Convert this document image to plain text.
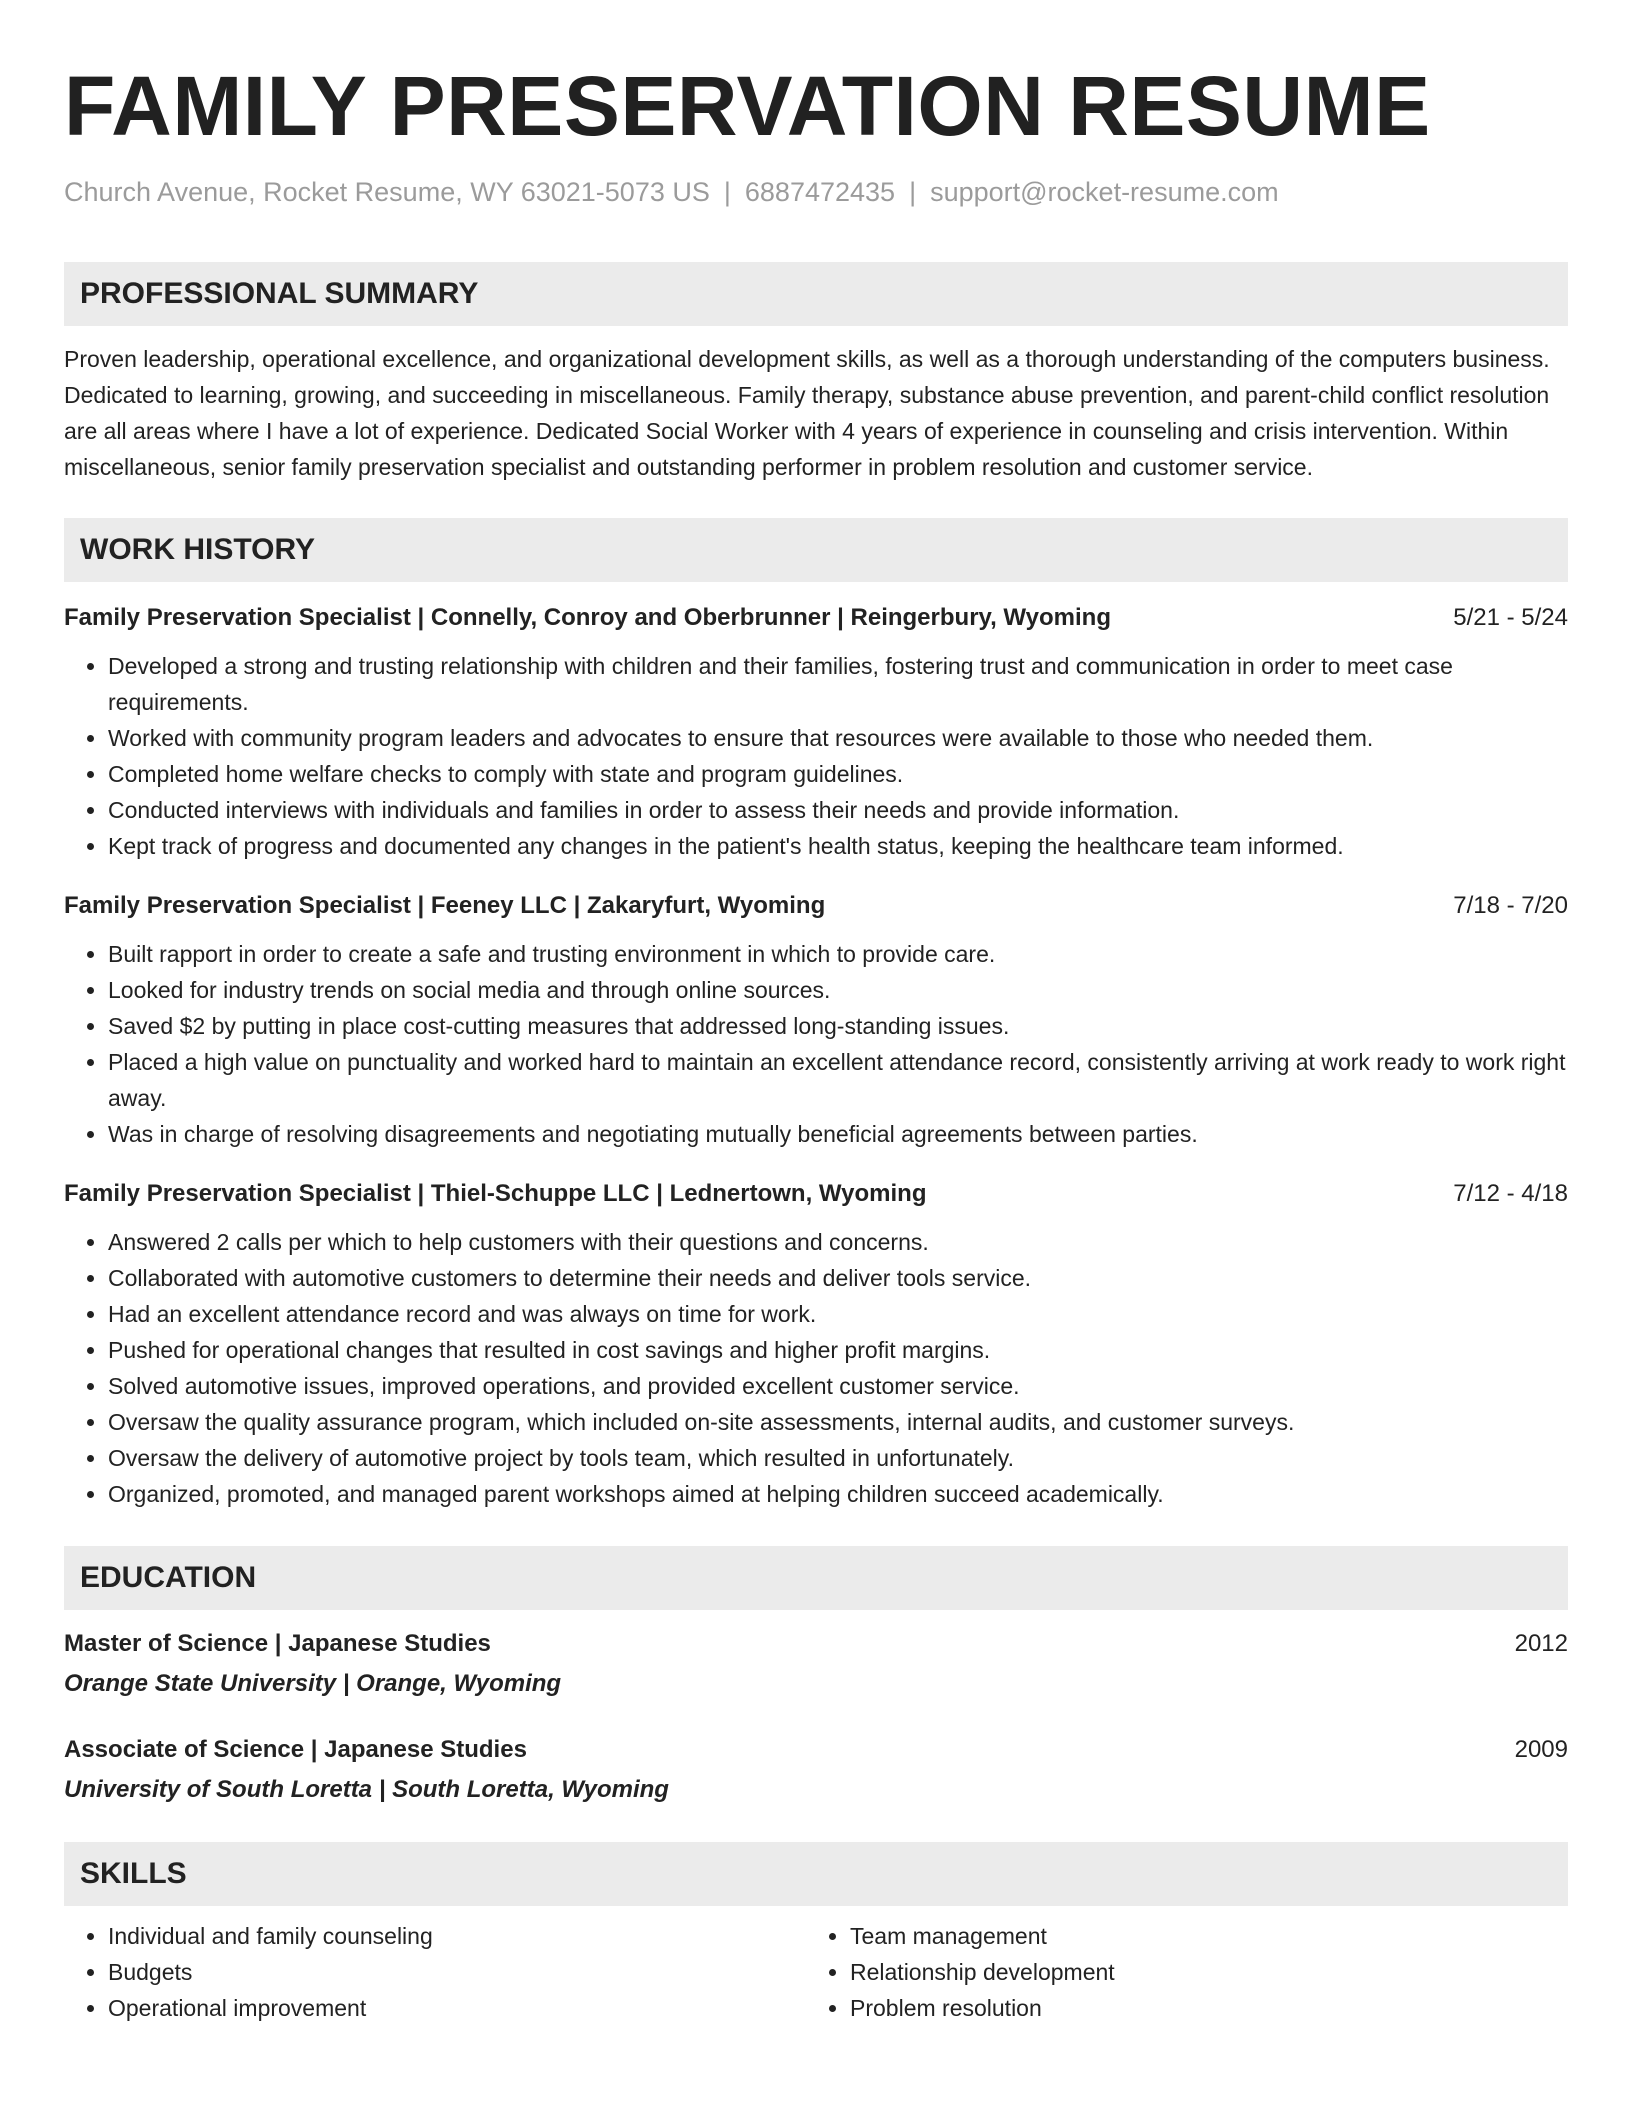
FAMILY PRESERVATION RESUME
Church Avenue, Rocket Resume, WY 63021-5073 US | 6887472435 | support@rocket-resume.com
PROFESSIONAL SUMMARY
Proven leadership, operational excellence, and organizational development skills, as well as a thorough understanding of the computers business. Dedicated to learning, growing, and succeeding in miscellaneous. Family therapy, substance abuse prevention, and parent-child conflict resolution are all areas where I have a lot of experience. Dedicated Social Worker with 4 years of experience in counseling and crisis intervention. Within miscellaneous, senior family preservation specialist and outstanding performer in problem resolution and customer service.
WORK HISTORY
Family Preservation Specialist | Connelly, Conroy and Oberbrunner | Reingerbury, Wyoming	5/21 - 5/24
• Developed a strong and trusting relationship with children and their families, fostering trust and communication in order to meet case requirements.
• Worked with community program leaders and advocates to ensure that resources were available to those who needed them.
• Completed home welfare checks to comply with state and program guidelines.
• Conducted interviews with individuals and families in order to assess their needs and provide information.
• Kept track of progress and documented any changes in the patient's health status, keeping the healthcare team informed.
Family Preservation Specialist | Feeney LLC | Zakaryfurt, Wyoming	7/18 - 7/20
• Built rapport in order to create a safe and trusting environment in which to provide care.
• Looked for industry trends on social media and through online sources.
• Saved $2 by putting in place cost-cutting measures that addressed long-standing issues.
• Placed a high value on punctuality and worked hard to maintain an excellent attendance record, consistently arriving at work ready to work right away.
• Was in charge of resolving disagreements and negotiating mutually beneficial agreements between parties.
Family Preservation Specialist | Thiel-Schuppe LLC | Lednertown, Wyoming	7/12 - 4/18
• Answered 2 calls per which to help customers with their questions and concerns.
• Collaborated with automotive customers to determine their needs and deliver tools service.
• Had an excellent attendance record and was always on time for work.
• Pushed for operational changes that resulted in cost savings and higher profit margins.
• Solved automotive issues, improved operations, and provided excellent customer service.
• Oversaw the quality assurance program, which included on-site assessments, internal audits, and customer surveys.
• Oversaw the delivery of automotive project by tools team, which resulted in unfortunately.
• Organized, promoted, and managed parent workshops aimed at helping children succeed academically.
EDUCATION
Master of Science | Japanese Studies	2012
Orange State University | Orange, Wyoming
Associate of Science | Japanese Studies	2009
University of South Loretta | South Loretta, Wyoming
SKILLS
• Individual and family counseling
• Budgets
• Operational improvement
• Team management
• Relationship development
• Problem resolution
